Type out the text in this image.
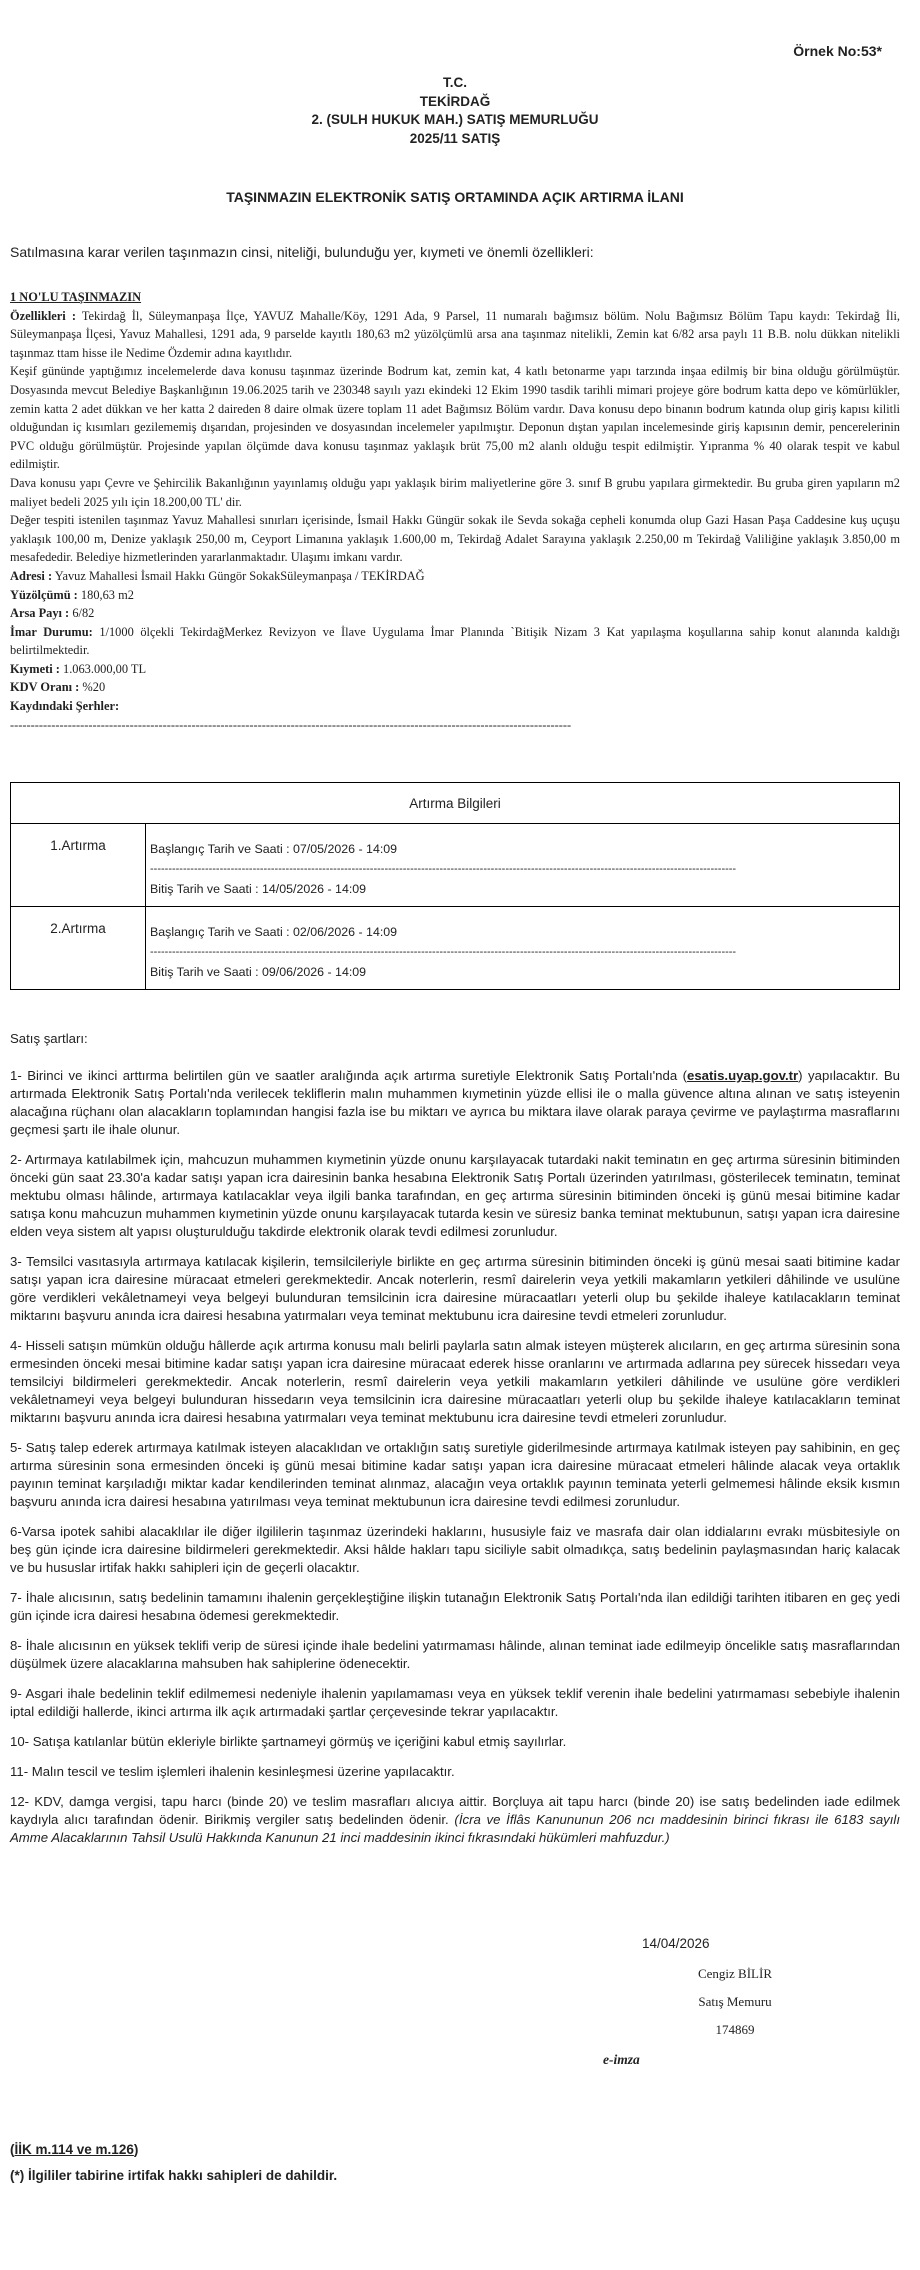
Örnek No:53*
T.C.
TEKİRDAĞ
2. (SULH HUKUK MAH.) SATIŞ MEMURLUĞU
2025/11 SATIŞ
TAŞINMAZIN ELEKTRONİK SATIŞ ORTAMINDA AÇIK ARTIRMA İLANI
Satılmasına karar verilen taşınmazın cinsi, niteliği, bulunduğu yer, kıymeti ve önemli özellikleri:

1 NO'LU TAŞINMAZIN

Özellikleri : Tekirdağ İl, Süleymanpaşa İlçe, YAVUZ Mahalle/Köy, 1291 Ada, 9 Parsel, 11 numaralı bağımsız bölüm. Nolu Bağımsız Bölüm Tapu kaydı: Tekirdağ İli, Süleymanpaşa İlçesi, Yavuz Mahallesi, 1291 ada, 9 parselde kayıtlı 180,63 m2 yüzölçümlü arsa ana taşınmaz nitelikli, Zemin kat 6/82 arsa paylı 11 B.B. nolu dükkan nitelikli taşınmaz ttam hisse ile Nedime Özdemir adına kayıtlıdır.

Keşif gününde yaptığımız incelemelerde dava konusu taşınmaz üzerinde Bodrum kat, zemin kat, 4 katlı betonarme yapı tarzında inşaa edilmiş bir bina olduğu görülmüştür. Dosyasında mevcut Belediye Başkanlığının 19.06.2025 tarih ve 230348 sayılı yazı ekindeki 12 Ekim 1990 tasdik tarihli mimari projeye göre bodrum katta depo ve kömürlükler, zemin katta 2 adet dükkan ve her katta 2 daireden 8 daire olmak üzere toplam 11 adet Bağımsız Bölüm vardır. Dava konusu depo binanın bodrum katında olup giriş kapısı kilitli olduğundan iç kısımları gezilememiş dışarıdan, projesinden ve dosyasından incelemeler yapılmıştır. Deponun dıştan yapılan incelemesinde giriş kapısının demir, pencerelerinin PVC olduğu görülmüştür. Projesinde yapılan ölçümde dava konusu taşınmaz yaklaşık brüt 75,00 m2 alanlı olduğu tespit edilmiştir. Yıpranma % 40 olarak tespit ve kabul edilmiştir.

Dava konusu yapı Çevre ve Şehircilik Bakanlığının yayınlamış olduğu yapı yaklaşık birim maliyetlerine göre 3. sınıf B grubu yapılara girmektedir. Bu gruba giren yapıların m2 maliyet bedeli 2025 yılı için 18.200,00 TL' dir.

Değer tespiti istenilen taşınmaz Yavuz Mahallesi sınırları içerisinde, İsmail Hakkı Güngür sokak ile Sevda sokağa cepheli konumda olup Gazi Hasan Paşa Caddesine kuş uçuşu yaklaşık 100,00 m, Denize yaklaşık 250,00 m, Ceyport Limanına yaklaşık 1.600,00 m, Tekirdağ Adalet Sarayına yaklaşık 2.250,00 m Tekirdağ Valiliğine yaklaşık 3.850,00 m mesafededir. Belediye hizmetlerinden yararlanmaktadır. Ulaşımı imkanı vardır.

Adresi : Yavuz Mahallesi İsmail Hakkı Güngör SokakSüleymanpaşa / TEKİRDAĞ

Yüzölçümü : 180,63 m2

Arsa Payı : 6/82

İmar Durumu: 1/1000 ölçekli TekirdağMerkez Revizyon ve İlave Uygulama İmar Planında `Bitişik Nizam 3 Kat yapılaşma koşullarına sahip konut alanında kaldığı belirtilmektedir.

Kıymeti : 1.063.000,00 TL

KDV Oranı : %20

Kaydındaki Şerhler:

----------------------------------------------------------------------------------------------------------------------------------------

Artırma Bilgileri	
1.Artırma	Başlangıç Tarih ve Saati : 07/05/2026 - 14:09
----------------------------------------------------------------------------------------------------------------------------------------------------------------
Bitiş Tarih ve Saati : 14/05/2026 - 14:09

2.Artırma	Başlangıç Tarih ve Saati : 02/06/2026 - 14:09
----------------------------------------------------------------------------------------------------------------------------------------------------------------
Bitiş Tarih ve Saati : 09/06/2026 - 14:09

Satış şartları:

1- Birinci ve ikinci arttırma belirtilen gün ve saatler aralığında açık artırma suretiyle Elektronik Satış Portalı'nda (esatis.uyap.gov.tr) yapılacaktır. Bu artırmada Elektronik Satış Portalı'nda verilecek tekliflerin malın muhammen kıymetinin yüzde ellisi ile o malla güvence altına alınan ve satış isteyenin alacağına rüçhanı olan alacakların toplamından hangisi fazla ise bu miktarı ve ayrıca bu miktara ilave olarak paraya çevirme ve paylaştırma masraflarını geçmesi şartı ile ihale olunur.

2- Artırmaya katılabilmek için, mahcuzun muhammen kıymetinin yüzde onunu karşılayacak tutardaki nakit teminatın en geç artırma süresinin bitiminden önceki gün saat 23.30'a kadar satışı yapan icra dairesinin banka hesabına Elektronik Satış Portalı üzerinden yatırılması, gösterilecek teminatın, teminat mektubu olması hâlinde, artırmaya katılacaklar veya ilgili banka tarafından, en geç artırma süresinin bitiminden önceki iş günü mesai bitimine kadar satışa konu mahcuzun muhammen kıymetinin yüzde onunu karşılayacak tutarda kesin ve süresiz banka teminat mektubunun, satışı yapan icra dairesine elden veya sistem alt yapısı oluşturulduğu takdirde elektronik olarak tevdi edilmesi zorunludur.

3- Temsilci vasıtasıyla artırmaya katılacak kişilerin, temsilcileriyle birlikte en geç artırma süresinin bitiminden önceki iş günü mesai saati bitimine kadar satışı yapan icra dairesine müracaat etmeleri gerekmektedir. Ancak noterlerin, resmî dairelerin veya yetkili makamların yetkileri dâhilinde ve usulüne göre verdikleri vekâletnameyi veya belgeyi bulunduran temsilcinin icra dairesine müracaatları yeterli olup bu şekilde ihaleye katılacakların teminat miktarını başvuru anında icra dairesi hesabına yatırmaları veya teminat mektubunu icra dairesine tevdi etmeleri zorunludur.

4- Hisseli satışın mümkün olduğu hâllerde açık artırma konusu malı belirli paylarla satın almak isteyen müşterek alıcıların, en geç artırma süresinin sona ermesinden önceki mesai bitimine kadar satışı yapan icra dairesine müracaat ederek hisse oranlarını ve artırmada adlarına pey sürecek hissedarı veya temsilciyi bildirmeleri gerekmektedir. Ancak noterlerin, resmî dairelerin veya yetkili makamların yetkileri dâhilinde ve usulüne göre verdikleri vekâletnameyi veya belgeyi bulunduran hissedarın veya temsilcinin icra dairesine müracaatları yeterli olup bu şekilde ihaleye katılacakların teminat miktarını başvuru anında icra dairesi hesabına yatırmaları veya teminat mektubunu icra dairesine tevdi etmeleri zorunludur.

5- Satış talep ederek artırmaya katılmak isteyen alacaklıdan ve ortaklığın satış suretiyle giderilmesinde artırmaya katılmak isteyen pay sahibinin, en geç artırma süresinin sona ermesinden önceki iş günü mesai bitimine kadar satışı yapan icra dairesine müracaat etmeleri hâlinde alacak veya ortaklık payının teminat karşıladığı miktar kadar kendilerinden teminat alınmaz, alacağın veya ortaklık payının teminata yeterli gelmemesi hâlinde eksik kısmın başvuru anında icra dairesi hesabına yatırılması veya teminat mektubunun icra dairesine tevdi edilmesi zorunludur.

6-Varsa ipotek sahibi alacaklılar ile diğer ilgililerin taşınmaz üzerindeki haklarını, hususiyle faiz ve masrafa dair olan iddialarını evrakı müsbitesiyle on beş gün içinde icra dairesine bildirmeleri gerekmektedir. Aksi hâlde hakları tapu siciliyle sabit olmadıkça, satış bedelinin paylaşmasından hariç kalacak ve bu hususlar irtifak hakkı sahipleri için de geçerli olacaktır.

7- İhale alıcısının, satış bedelinin tamamını ihalenin gerçekleştiğine ilişkin tutanağın Elektronik Satış Portalı'nda ilan edildiği tarihten itibaren en geç yedi gün içinde icra dairesi hesabına ödemesi gerekmektedir.

8- İhale alıcısının en yüksek teklifi verip de süresi içinde ihale bedelini yatırmaması hâlinde, alınan teminat iade edilmeyip öncelikle satış masraflarından düşülmek üzere alacaklarına mahsuben hak sahiplerine ödenecektir.

9- Asgari ihale bedelinin teklif edilmemesi nedeniyle ihalenin yapılamaması veya en yüksek teklif verenin ihale bedelini yatırmaması sebebiyle ihalenin iptal edildiği hallerde, ikinci artırma ilk açık artırmadaki şartlar çerçevesinde tekrar yapılacaktır.

10- Satışa katılanlar bütün ekleriyle birlikte şartnameyi görmüş ve içeriğini kabul etmiş sayılırlar.

11- Malın tescil ve teslim işlemleri ihalenin kesinleşmesi üzerine yapılacaktır.

12- KDV, damga vergisi, tapu harcı (binde 20) ve teslim masrafları alıcıya aittir. Borçluya ait tapu harcı (binde 20) ise satış bedelinden iade edilmek kaydıyla alıcı tarafından ödenir. Birikmiş vergiler satış bedelinden ödenir. (İcra ve İflâs Kanununun 206 ncı maddesinin birinci fıkrası ile 6183 sayılı Amme Alacaklarının Tahsil Usulü Hakkında Kanunun 21 inci maddesinin ikinci fıkrasındaki hükümleri mahfuzdur.)

14/04/2026
Cengiz BİLİR
Satış Memuru
174869
e-imza
(İİK m.114 ve m.126)
(*) İlgililer tabirine irtifak hakkı sahipleri de dahildir.
